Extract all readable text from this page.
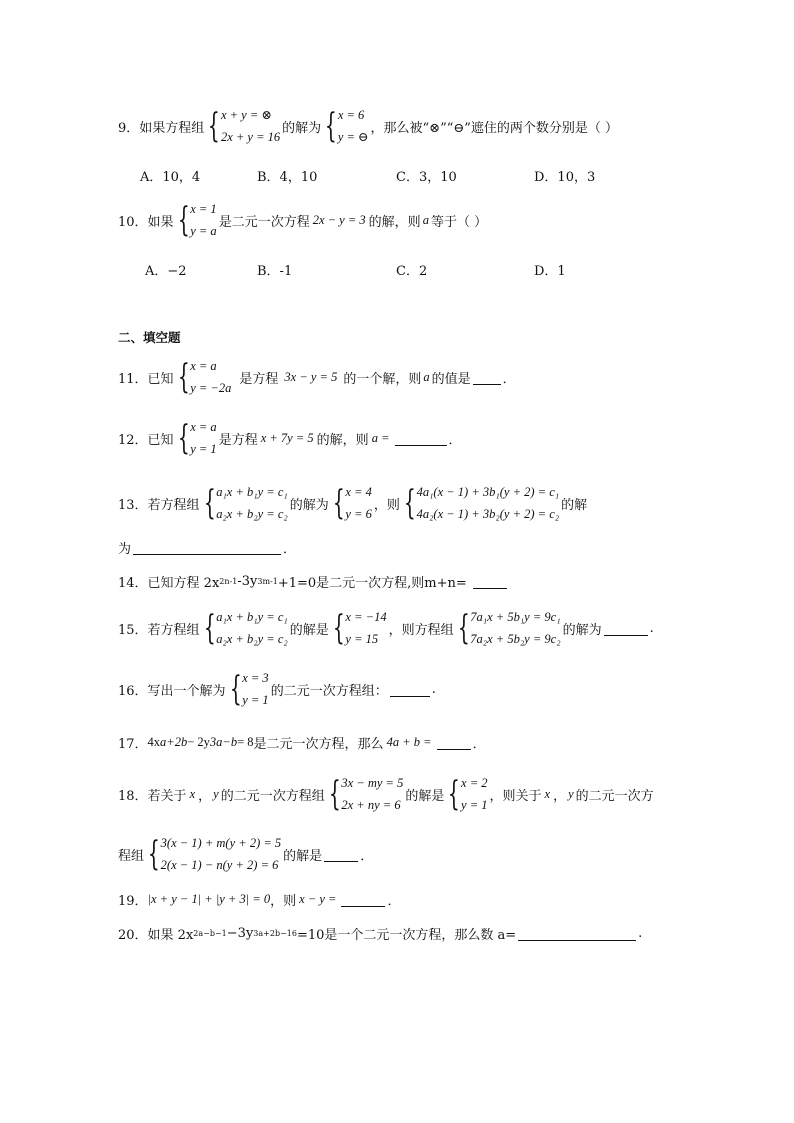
9． 如果方程组 { x + y = ⊗
2x + y = 16
的解为 { x = 6
y = ⊖
，那么被“⊗”“⊖”遮住的两个数分别是（ ）
A．10，4	B．4，10	C．3，10	D．10，3
10． 如果 { x = 1
y = a
是二元一次方程 2x − y = 3 的解，则 a 等于（ ）
A．−2	B．-1	C．2	D．1
二、填空题
11． 已知 { x = a
y = −2a
是方程 3x − y = 5 的一个解，则 a 的值是 ．
12． 已知 { x = a
y = 1
是方程 x + 7y = 5 的解，则 a =	．
13． 若方程组 { a₁x + b₁y = c₁
a₂x + b₂y = c₂
的解为 { x = 4
y = 6
，则 { 4a₁(x − 1) + 3b₁(y + 2) = c₁
4a₂(x − 1) + 3b₂(y + 2) = c₂
的解
为	．
14． 已知方程 2x 2n-1 -3y 3m-1 +1=0是二元一次方程,则m+n=
15． 若方程组 { a₁x + b₁y = c₁
a₂x + b₂y = c₂
的解是 { x = −14
y = 15
，则方程组 { 7a₁x + 5b₁y = 9c₁
7a₂x + 5b₂y = 9c₂
的解为	.
16． 写出一个解为 { x = 3
y = 1
的二元一次方程组：	.
17． 4x a+2b − 2y 3a−b = 8 是二元一次方程，那么 4a + b =	．
18． 若关于 x ， y 的二元一次方程组 { 3x − my = 5
2x + ny = 6
的解是 { x = 2
y = 1
，则关于 x ， y 的二元一次方
程组 { 3(x − 1) + m(y + 2) = 5
2(x − 1) − n(y + 2) = 6
的解是	．
19． |x + y − 1| + |y + 3| = 0 ，则 x − y =	．
20． 如果 2x 2a−b−1 −3y 3a+2b−16 =10是一个二元一次方程，那么数 a=	.
